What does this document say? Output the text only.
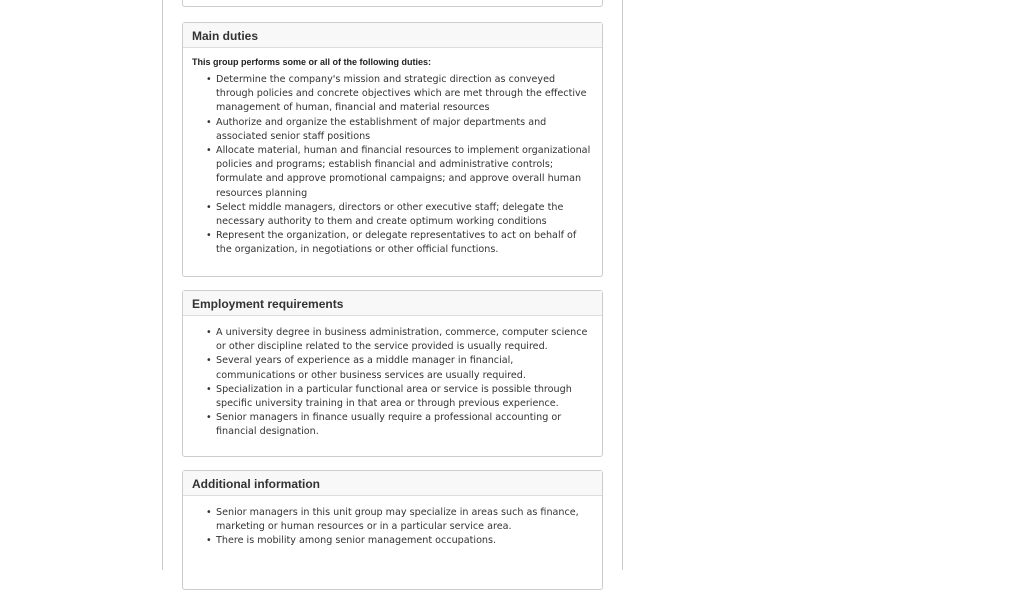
Main duties

This group performs some or all of the following duties:

• Determine the company's mission and strategic direction as conveyed through policies and concrete objectives which are met through the effective management of human, financial and material resources
• Authorize and organize the establishment of major departments and associated senior staff positions
• Allocate material, human and financial resources to implement organizational policies and programs; establish financial and administrative controls; formulate and approve promotional campaigns; and approve overall human resources planning
• Select middle managers, directors or other executive staff; delegate the necessary authority to them and create optimum working conditions
• Represent the organization, or delegate representatives to act on behalf of the organization, in negotiations or other official functions.
Employment requirements
• A university degree in business administration, commerce, computer science or other discipline related to the service provided is usually required.
• Several years of experience as a middle manager in financial, communications or other business services are usually required.
• Specialization in a particular functional area or service is possible through specific university training in that area or through previous experience.
• Senior managers in finance usually require a professional accounting or financial designation.
Additional information
• Senior managers in this unit group may specialize in areas such as finance, marketing or human resources or in a particular service area.
• There is mobility among senior management occupations.
